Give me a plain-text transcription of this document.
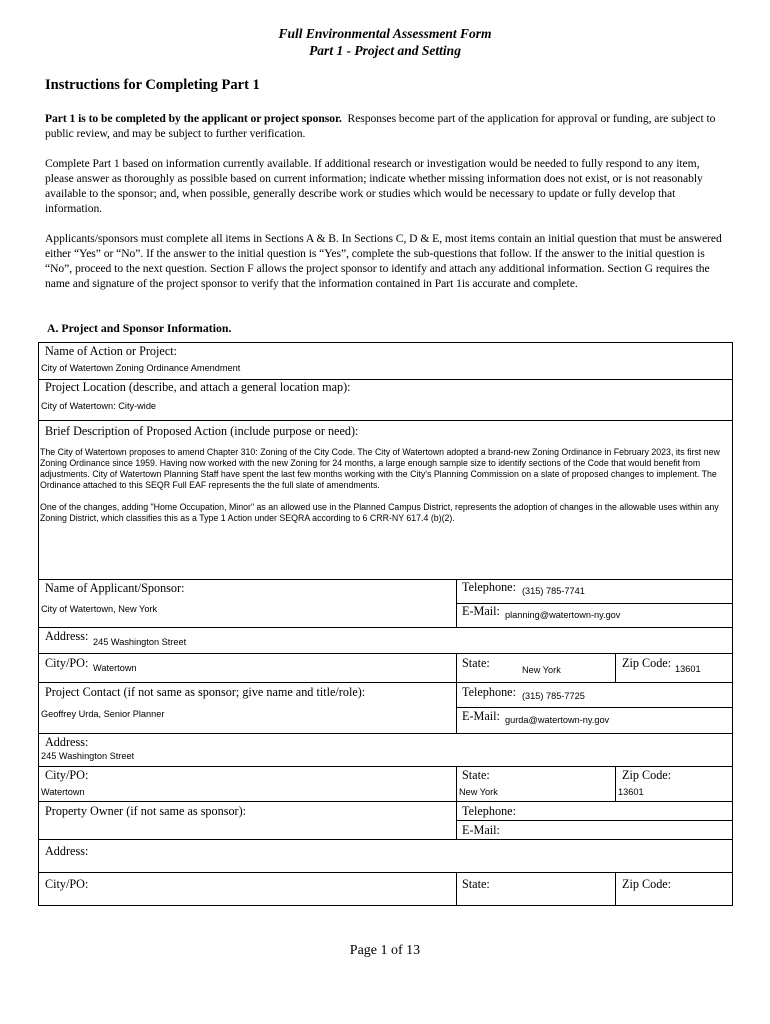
Full Environmental Assessment Form
Part 1 - Project and Setting
Instructions for Completing Part 1
Part 1 is to be completed by the applicant or project sponsor. Responses become part of the application for approval or funding, are subject to public review, and may be subject to further verification.
Complete Part 1 based on information currently available. If additional research or investigation would be needed to fully respond to any item, please answer as thoroughly as possible based on current information; indicate whether missing information does not exist, or is not reasonably available to the sponsor; and, when possible, generally describe work or studies which would be necessary to update or fully develop that information.
Applicants/sponsors must complete all items in Sections A & B. In Sections C, D & E, most items contain an initial question that must be answered either “Yes” or “No”. If the answer to the initial question is “Yes”, complete the sub-questions that follow. If the answer to the initial question is “No”, proceed to the next question. Section F allows the project sponsor to identify and attach any additional information. Section G requires the name and signature of the project sponsor to verify that the information contained in Part 1is accurate and complete.
A. Project and Sponsor Information.
Name of Action or Project:
City of Watertown Zoning Ordinance Amendment
Project Location (describe, and attach a general location map):
City of Watertown: City-wide
Brief Description of Proposed Action (include purpose or need):
The City of Watertown proposes to amend Chapter 310: Zoning of the City Code. The City of Watertown adopted a brand-new Zoning Ordinance in February 2023, its first new Zoning Ordinance since 1959. Having now worked with the new Zoning for 24 months, a large enough sample size to identify sections of the Code that would benefit from adjustments. City of Watertown Planning Staff have spent the last few months working with the City's Planning Commission on a slate of proposed changes to implement. The Ordinance attached to this SEQR Full EAF represents the the full slate of amendments.
One of the changes, adding "Home Occupation, Minor" as an allowed use in the Planned Campus District, represents the adoption of changes in the allowable uses within any Zoning District, which classifies this as a Type 1 Action under SEQRA according to 6 CRR-NY 617.4 (b)(2).
Name of Applicant/Sponsor:
City of Watertown, New York
Telephone: (315) 785-7741
E-Mail: planning@watertown-ny.gov
Address: 245 Washington Street
City/PO: Watertown	State:	New York	Zip Code: 13601
Project Contact (if not same as sponsor; give name and title/role):
Geoffrey Urda, Senior Planner
Telephone: (315) 785-7725
E-Mail: gurda@watertown-ny.gov
Address:
245 Washington Street
City/PO:
Watertown
State:
New York
Zip Code:
13601
Property Owner (if not same as sponsor):	Telephone:
E-Mail:
Address:
City/PO:	State:	Zip Code:
Page 1 of 13
